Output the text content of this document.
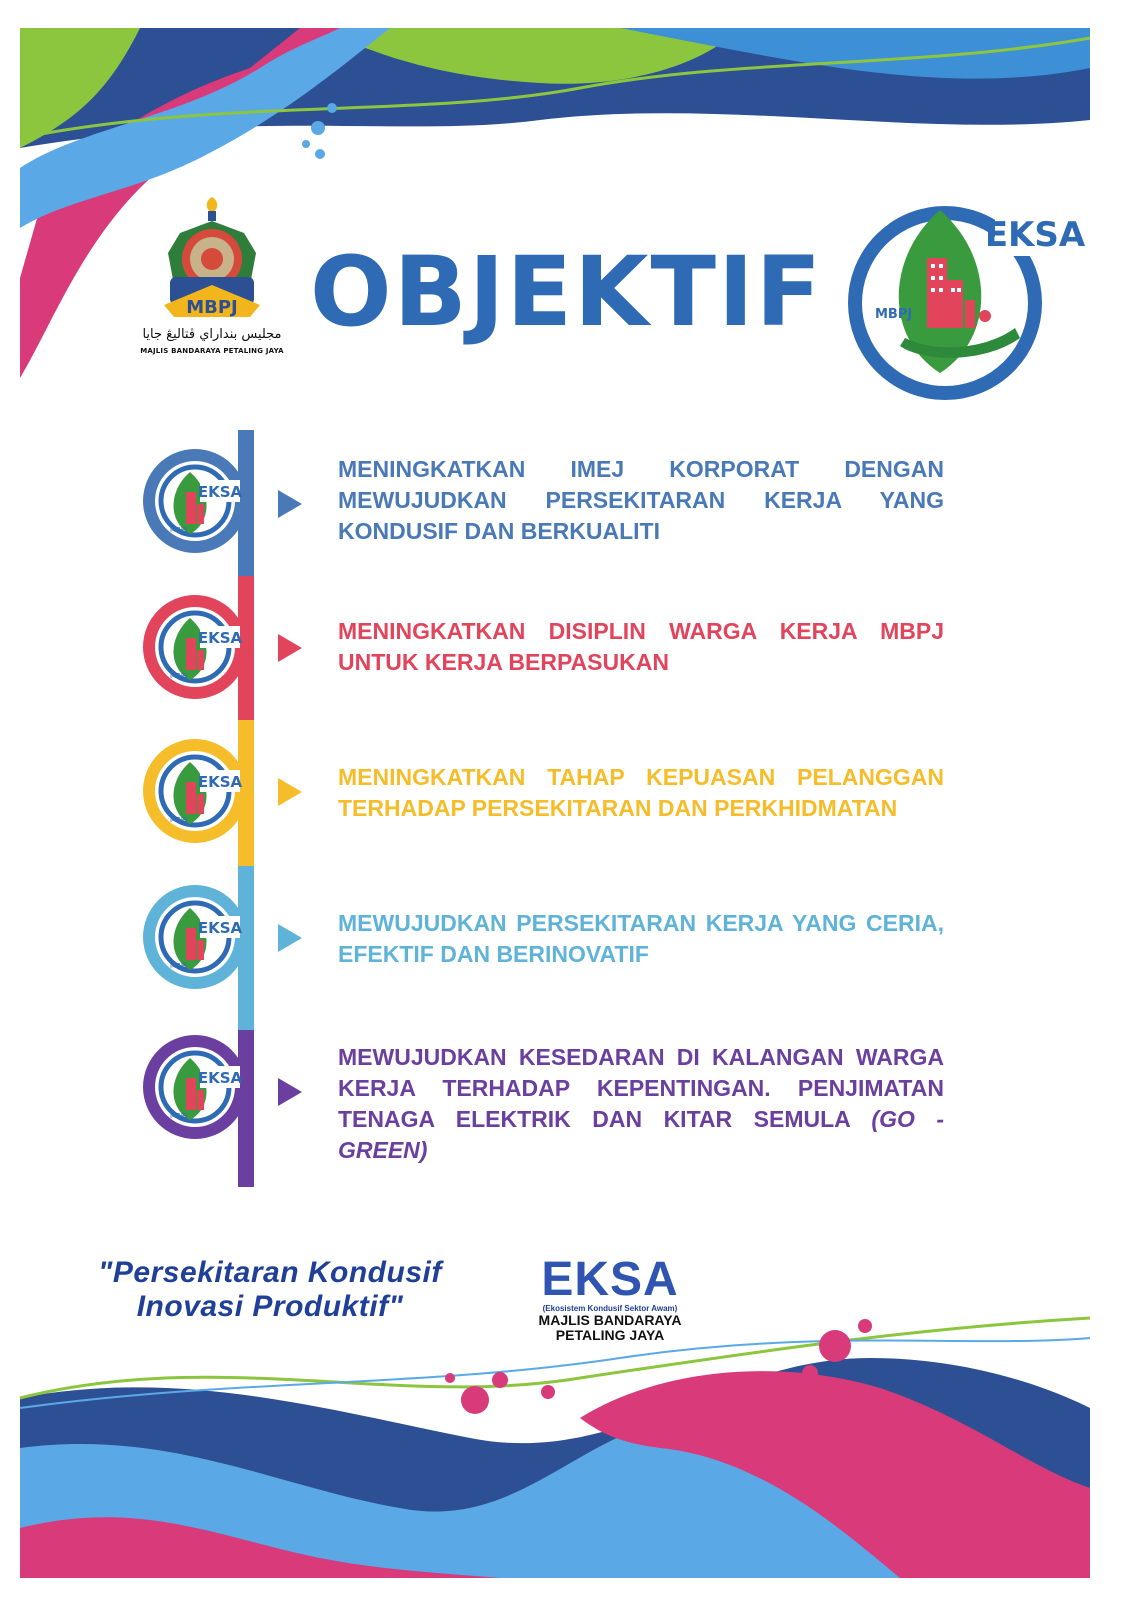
MBPJ
مجليس بنداراي ڤتاليڠ جايا
MAJLIS BANDARAYA PETALING JAYA
OBJEKTIF
EKSA
MBPJ
EKSA
MBPJ
MENINGKATKAN IMEJ KORPORAT DENGAN MEWUJUDKAN PERSEKITARAN KERJA YANG KONDUSIF DAN BERKUALITI
EKSA
MBPJ
MENINGKATKAN DISIPLIN WARGA KERJA MBPJ UNTUK KERJA BERPASUKAN
EKSA
MBPJ
MENINGKATKAN TAHAP KEPUASAN PELANGGAN TERHADAP PERSEKITARAN DAN PERKHIDMATAN
EKSA
MBPJ
MEWUJUDKAN PERSEKITARAN KERJA YANG CERIA, EFEKTIF DAN BERINOVATIF
EKSA
MBPJ
MEWUJUDKAN KESEDARAN DI KALANGAN WARGA KERJA TERHADAP KEPENTINGAN. PENJIMATAN TENAGA ELEKTRIK DAN KITAR SEMULA (GO - GREEN)
"Persekitaran Kondusif
Inovasi Produktif"
EKSA
(Ekosistem Kondusif Sektor Awam)
MAJLIS BANDARAYA
PETALING JAYA
